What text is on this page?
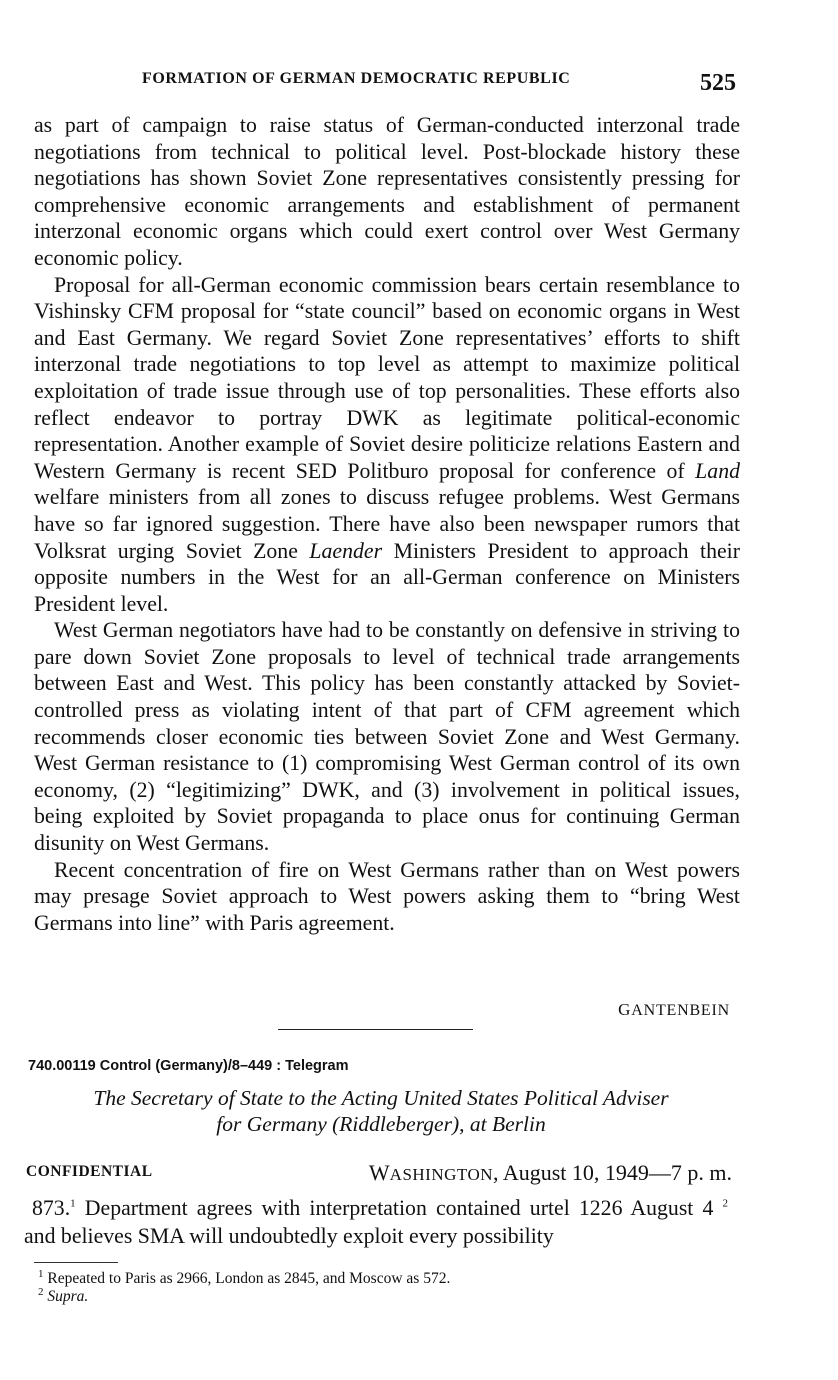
FORMATION OF GERMAN DEMOCRATIC REPUBLIC	525

as part of campaign to raise status of German-conducted interzonal trade negotiations from technical to political level. Post-blockade history these negotiations has shown Soviet Zone representatives consistently pressing for comprehensive economic arrangements and establishment of permanent interzonal economic organs which could exert control over West Germany economic policy.

Proposal for all-German economic commission bears certain resemblance to Vishinsky CFM proposal for “state council” based on economic organs in West and East Germany. We regard Soviet Zone representatives’ efforts to shift interzonal trade negotiations to top level as attempt to maximize political exploitation of trade issue through use of top personalities. These efforts also reflect endeavor to portray DWK as legitimate political-economic representation. Another example of Soviet desire politicize relations Eastern and Western Germany is recent SED Politburo proposal for conference of Land welfare ministers from all zones to discuss refugee problems. West Germans have so far ignored suggestion. There have also been newspaper rumors that Volksrat urging Soviet Zone Laender Ministers President to approach their opposite numbers in the West for an all-German conference on Ministers President level.

West German negotiators have had to be constantly on defensive in striving to pare down Soviet Zone proposals to level of technical trade arrangements between East and West. This policy has been constantly attacked by Soviet-controlled press as violating intent of that part of CFM agreement which recommends closer economic ties between Soviet Zone and West Germany. West German resistance to (1) compromising West German control of its own economy, (2) “legitimizing” DWK, and (3) involvement in political issues, being exploited by Soviet propaganda to place onus for continuing German disunity on West Germans.

Recent concentration of fire on West Germans rather than on West powers may presage Soviet approach to West powers asking them to “bring West Germans into line” with Paris agreement.

GANTENBEIN
740.00119 Control (Germany)/8–449 : Telegram
The Secretary of State to the Acting United States Political Adviser
for Germany (Riddleberger), at Berlin
CONFIDENTIAL	WASHINGTON, August 10, 1949—7 p. m.

873.$^1$ Department agrees with interpretation contained urtel 1226 August 4 $^2$ and believes SMA will undoubtedly exploit every possibility

$^1$ Repeated to Paris as 2966, London as 2845, and Moscow as 572.
$^2$ Supra.
